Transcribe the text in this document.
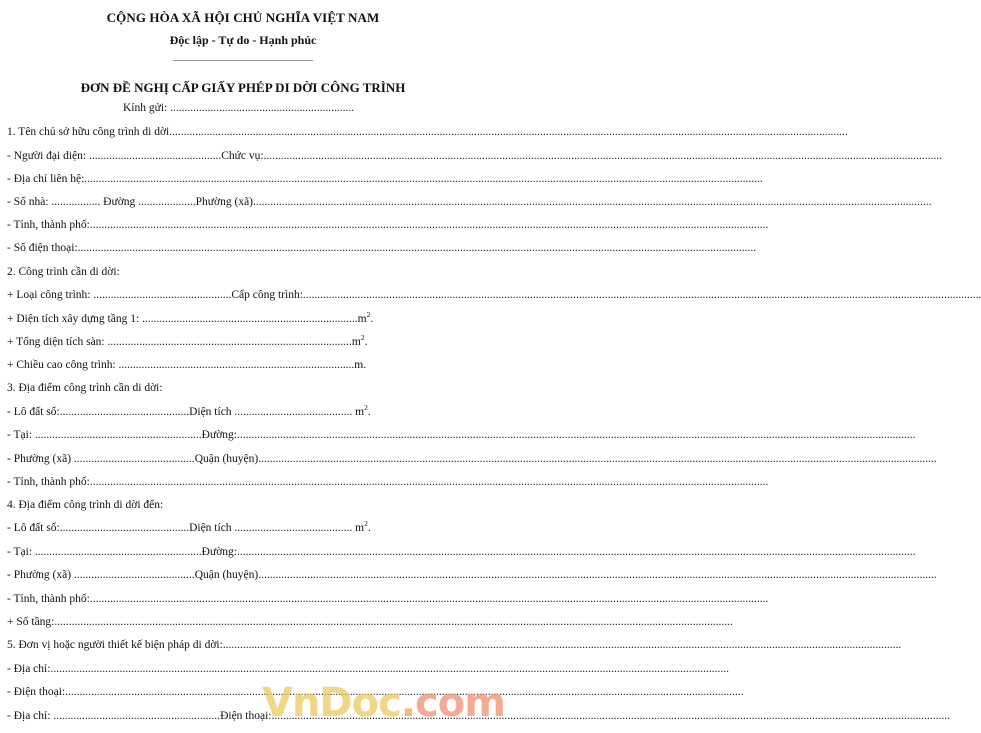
CỘNG HÒA XÃ HỘI CHỦ NGHĨA VIỆT NAM
Độc lập - Tự do - Hạnh phúc
ĐƠN ĐỀ NGHỊ CẤP GIẤY PHÉP DI DỜI CÔNG TRÌNH
Kính gửi: ................................................................
1. Tên chủ sở hữu công trình di dời
.....
- Người đại diện: .............................................. Chức vụ:
.....
- Địa chỉ liên hệ:
.....
- Số nhà: ................. Đường .................... Phường (xã)
.....
- Tỉnh, thành phố:
.....
- Số điện thoại:
.....
2. Công trình cần di dời:
+ Loại công trình: ................................................ Cấp công trình:
.....
+ Diện tích xây dựng tầng 1: $...........................................................................m^2$.
+ Tổng diện tích sàn: $.....................................................................................m^2$.
+ Chiều cao công trình: ..................................................................................m.
3. Địa điểm công trình cần di dời:
- Lô đất số:.............................................Diện tích ......................................... $m^2$.
- Tại: .......................................................... Đường:
.....
- Phường (xã) .......................................... Quận (huyện)
.....
- Tỉnh, thành phố:
.....
4. Địa điểm công trình di dời đến:
- Lô đất số:.............................................Diện tích ......................................... $m^2$.
- Tại: .......................................................... Đường:
.....
- Phường (xã) .......................................... Quận (huyện)
.....
- Tỉnh, thành phố:
.....
+ Số tầng:
.....
5. Đơn vị hoặc người thiết kế biện pháp di dời:
.....
- Địa chỉ:
.....
- Điện thoại:
.....
- Địa chỉ: .......................................................... Điện thoại:
.....
VnDoc.com
